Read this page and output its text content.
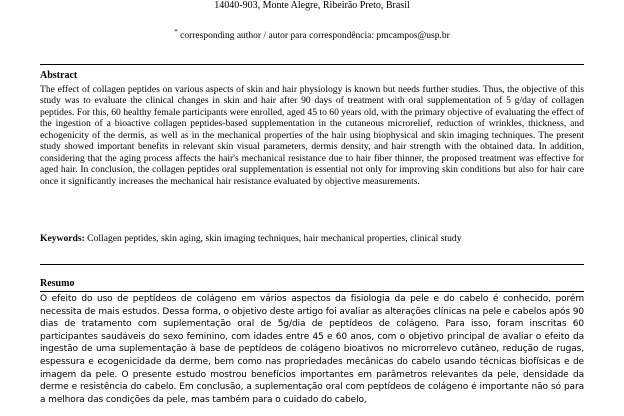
14040-903, Monte Alegre, Ribeirão Preto, Brasil
* corresponding author / autor para correspondência: pmcampos@usp.br
Abstract
The effect of collagen peptides on various aspects of skin and hair physiology is known but needs further studies. Thus, the objective of this study was to evaluate the clinical changes in skin and hair after 90 days of treatment with oral supplementation of 5 g/day of collagen peptides. For this, 60 healthy female participants were enrolled, aged 45 to 60 years old, with the primary objective of evaluating the effect of the ingestion of a bioactive collagen peptides-based supplementation in the cutaneous microrelief, reduction of wrinkles, thickness, and echogenicity of the dermis, as well as in the mechanical properties of the hair using biophysical and skin imaging techniques. The present study showed important benefits in relevant skin visual parameters, dermis density, and hair strength with the obtained data. In addition, considering that the aging process affects the hair's mechanical resistance due to hair fiber thinner, the proposed treatment was effective for aged hair. In conclusion, the collagen peptides oral supplementation is essential not only for improving skin conditions but also for hair care once it significantly increases the mechanical hair resistance evaluated by objective measurements.
Keywords: Collagen peptides, skin aging, skin imaging techniques, hair mechanical properties, clinical study
Resumo
O efeito do uso de peptídeos de colágeno em vários aspectos da fisiologia da pele e do cabelo é conhecido, porém necessita de mais estudos. Dessa forma, o objetivo deste artigo foi avaliar as alterações clínicas na pele e cabelos após 90 dias de tratamento com suplementação oral de 5g/dia de peptídeos de colágeno. Para isso, foram inscritas 60 participantes saudáveis do sexo feminino, com idades entre 45 e 60 anos, com o objetivo principal de avaliar o efeito da ingestão de uma suplementação à base de peptídeos de colágeno bioativos no microrrelevo cutâneo, redução de rugas, espessura e ecogenicidade da derme, bem como nas propriedades mecânicas do cabelo usando técnicas biofísicas e de imagem da pele. O presente estudo mostrou benefícios importantes em parâmetros relevantes da pele, densidade da derme e resistência do cabelo. Em conclusão, a suplementação oral com peptídeos de colágeno é importante não só para a melhora das condições da pele, mas também para o cuidado do cabelo,
